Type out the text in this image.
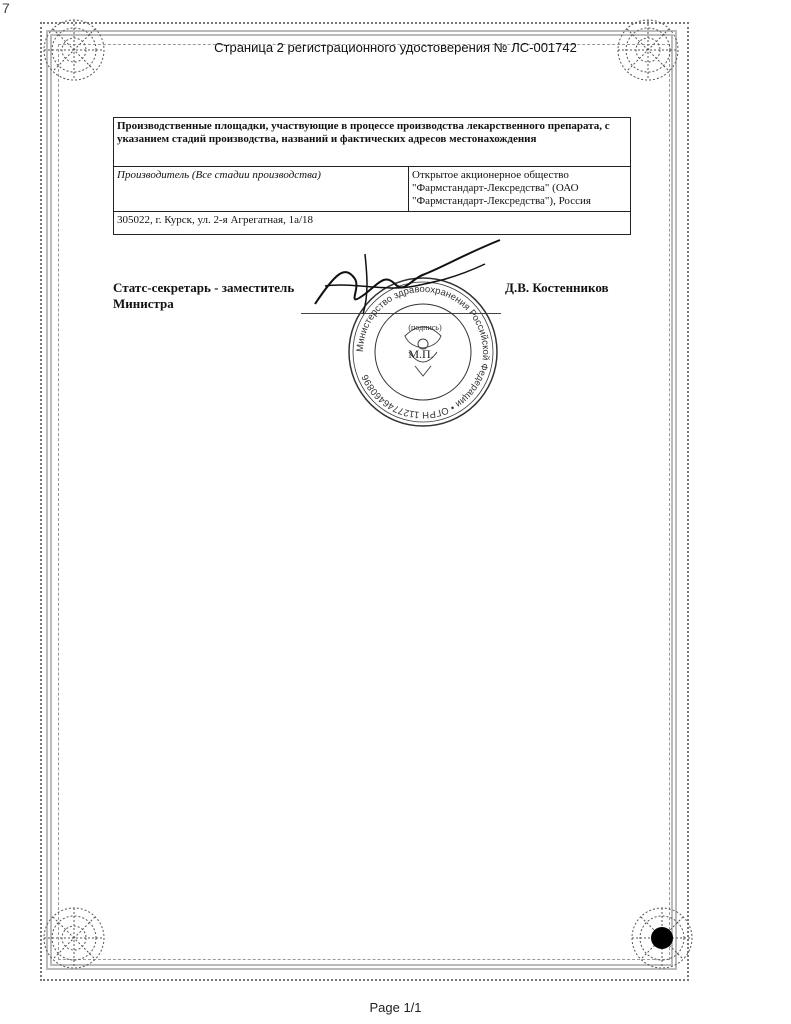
7
Страница 2 регистрационного удостоверения № ЛС-001742
Производственные площадки, участвующие в процессе производства лекарственного препарата, с указанием стадий производства, названий и фактических адресов местонахождения
Производитель (Все стадии производства)	Открытое акционерное общество "Фармстандарт-Лексредства" (ОАО "Фармстандарт-Лексредства"), Россия
305022, г. Курск, ул. 2-я Агрегатная, 1а/18
Статс-секретарь - заместитель Министра
Министерство здравоохранения Российской Федерации • ОГРН 1127746460896
(подпись)
М.П.
Д.В. Костенников
Page 1/1
